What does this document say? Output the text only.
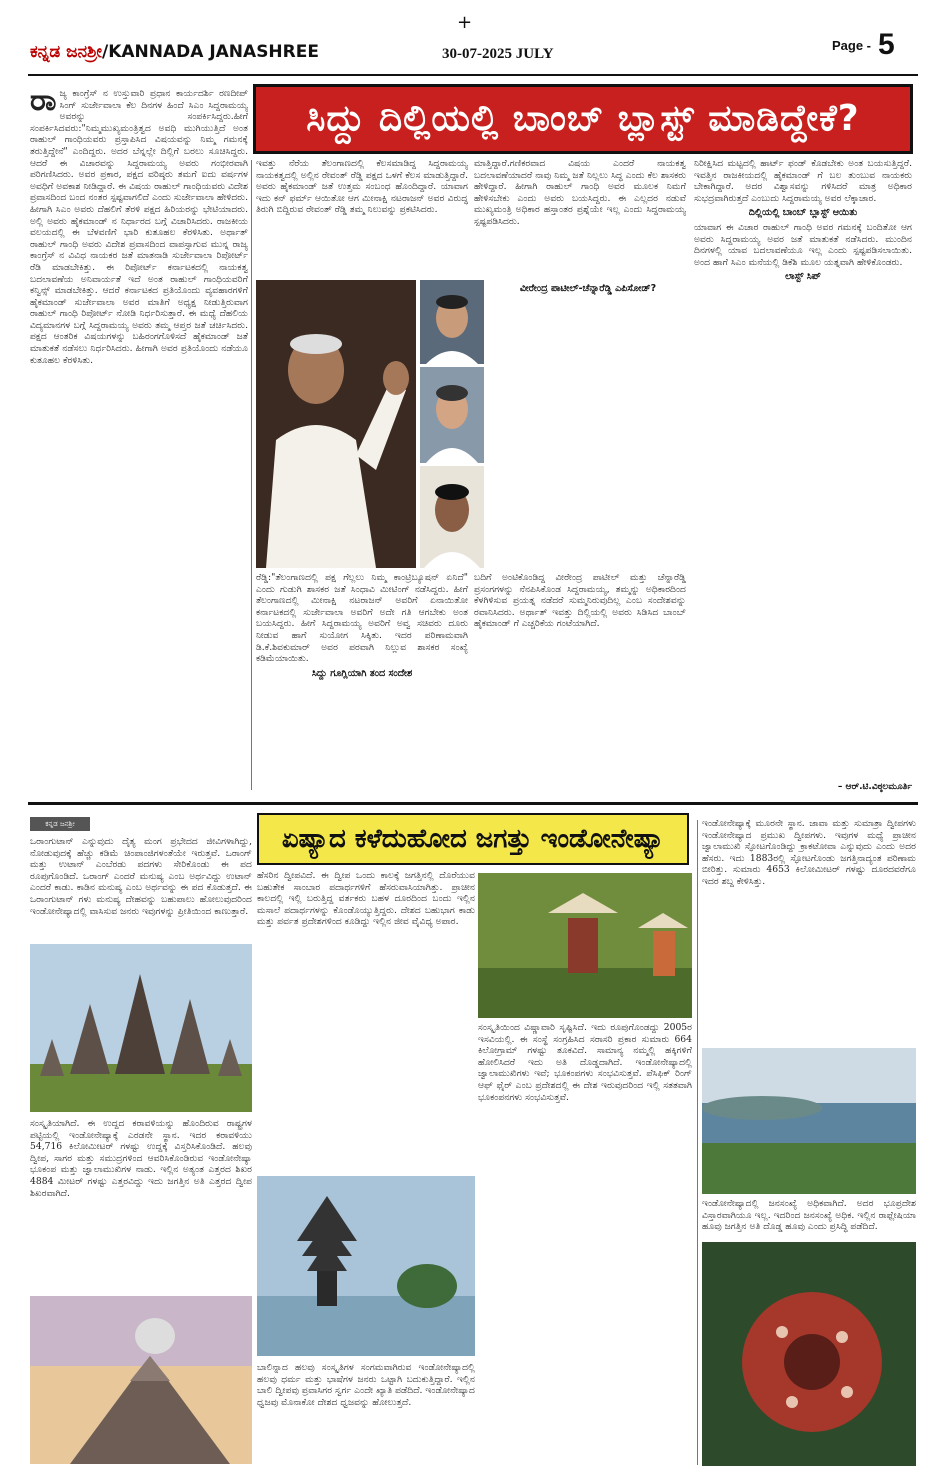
+
ಕನ್ನಡ ಜನಶ್ರೀ/KANNADA JANASHREE	30-07-2025 JULY
Page - 5
ಸಿದ್ದು ದಿಲ್ಲಿಯಲ್ಲಿ ಬಾಂಬ್ ಬ್ಲಾಸ್ಟ್ ಮಾಡಿದ್ದೇಕೆ?
ರಾ ಜ್ಯ ಕಾಂಗ್ರೆಸ್ ನ ಉಸ್ತುವಾರಿ ಪ್ರಧಾನ ಕಾರ್ಯದರ್ಶಿ ರಣದೀಪ್ ಸಿಂಗ್ ಸುರ್ಜೇವಾಲಾ ಕೆಲ ದಿನಗಳ ಹಿಂದೆ ಸಿಎಂ ಸಿದ್ದರಾಮಯ್ಯ ಅವರನ್ನು ಸಂಪರ್ಕಿಸಿದ್ದರು.ಹೀಗೆ ಸಂಪರ್ಕಿಸಿದವರು:"ನಿಮ್ಮಮುಖ್ಯಮಂತ್ರಿತ್ವದ ಅವಧಿ ಮುಗಿಯುತ್ತಿದೆ ಅಂತ ರಾಹುಲ್ ಗಾಂಧಿಯವರು ಪ್ರಸ್ತಾಪಿಸಿದ ವಿಷಯವನ್ನು ನಿಮ್ಮ ಗಮನಕ್ಕೆ ತರುತ್ತಿದ್ದೇನೆ" ಎಂದಿದ್ದರು. ಅದರ ಬೆನ್ನಲ್ಲೇ ದಿಲ್ಲಿಗೆ ಬರಲು ಸೂಚಿಸಿದ್ದರು. ಆದರೆ ಈ ವಿಚಾರವನ್ನು ಸಿದ್ದರಾಮಯ್ಯ ಅವರು ಗಂಭೀರವಾಗಿ ಪರಿಗಣಿಸಿದರು. ಅವರ ಪ್ರಕಾರ, ಪಕ್ಷದ ವರಿಷ್ಠರು ತಮಗೆ ಐದು ವರ್ಷಗಳ ಅವಧಿಗೆ ಅವಕಾಶ ನೀಡಿದ್ದಾರೆ. ಈ ವಿಷಯ ರಾಹುಲ್ ಗಾಂಧಿಯವರು ವಿದೇಶ ಪ್ರವಾಸದಿಂದ ಬಂದ ನಂತರ ಸ್ಪಷ್ಟವಾಗಲಿದೆ ಎಂದು ಸುರ್ಜೇವಾಲಾ ಹೇಳಿದರು. ಹೀಗಾಗಿ ಸಿಎಂ ಅವರು ದೆಹಲಿಗೆ ತೆರಳಿ ಪಕ್ಷದ ಹಿರಿಯರನ್ನು ಭೇಟಿಯಾದರು. ಅಲ್ಲಿ ಅವರು ಹೈಕಮಾಂಡ್ ನ ನಿರ್ಧಾರದ ಬಗ್ಗೆ ವಿಚಾರಿಸಿದರು. ರಾಜಕೀಯ ವಲಯದಲ್ಲಿ ಈ ಬೆಳವಣಿಗೆ ಭಾರಿ ಕುತೂಹಲ ಕೆರಳಿಸಿತು. ಅರ್ಥಾತ್ ರಾಹುಲ್ ಗಾಂಧಿ ಅವರು ವಿದೇಶ ಪ್ರವಾಸದಿಂದ ವಾಪಸ್ಸಾಗುವ ಮುನ್ನ ರಾಜ್ಯ ಕಾಂಗ್ರೆಸ್ ನ ವಿವಿಧ ನಾಯಕರ ಜತೆ ಮಾತನಾಡಿ ಸುರ್ಜೇವಾಲಾ ರಿಪೋರ್ಟ್ ರೆಡಿ ಮಾಡಬೇಕಿತ್ತು. ಈ ರಿಪೋರ್ಟ್ ಕರ್ನಾಟಕದಲ್ಲಿ ನಾಯಕತ್ವ ಬದಲಾವಣೆಯ ಅನಿವಾರ್ಯತೆ ಇದೆ ಅಂತ ರಾಹುಲ್ ಗಾಂಧಿಯವರಿಗೆ ಕನ್ವಿನ್ಸ್ ಮಾಡಬೇಕಿತ್ತು. ಆದರೆ ಕರ್ನಾಟಕದ ಪ್ರತಿಯೊಂದು ವ್ಯವಹಾರಗಳಿಗೆ ಹೈಕಮಾಂಡ್ ಸುರ್ಜೇವಾಲಾ ಅವರ ಮಾತಿಗೆ ಅಧ್ಯಕ್ಷ ನೀಡುತ್ತಿರುವಾಗ ರಾಹುಲ್ ಗಾಂಧಿ ರಿಪೋರ್ಟ್ ನೋಡಿ ನಿರ್ಧರಿಸುತ್ತಾರೆ. ಈ ಮಧ್ಯೆ ದೆಹಲಿಯ ವಿದ್ಯಮಾನಗಳ ಬಗ್ಗೆ ಸಿದ್ದರಾಮಯ್ಯ ಅವರು ತಮ್ಮ ಆಪ್ತರ ಜತೆ ಚರ್ಚಿಸಿದರು. ಪಕ್ಷದ ಆಂತರಿಕ ವಿಷಯಗಳನ್ನು ಬಹಿರಂಗಗೊಳಿಸದೆ ಹೈಕಮಾಂಡ್ ಜತೆ ಮಾತುಕತೆ ನಡೆಸಲು ನಿರ್ಧರಿಸಿದರು. ಹೀಗಾಗಿ ಅವರ ಪ್ರತಿಯೊಂದು ನಡೆಯೂ ಕುತೂಹಲ ಕೆರಳಿಸಿತು.
ಇವತ್ತು ನೆರೆಯ ತೆಲಂಗಾಣದಲ್ಲಿ ಕೆಲಸಮಾಡಿದ್ದ ಸಿದ್ದರಾಮಯ್ಯ ನಾಯಕತ್ವದಲ್ಲಿ ಅಲ್ಲಿನ ರೇವಂತ್ ರೆಡ್ಡಿ ಪಕ್ಷದ ಒಳಗೆ ಕೆಲಸ ಮಾಡುತ್ತಿದ್ದಾರೆ. ಅವರು ಹೈಕಮಾಂಡ್ ಜತೆ ಉತ್ತಮ ಸಂಬಂಧ ಹೊಂದಿದ್ದಾರೆ. ಯಾವಾಗ ಇದು ಕನ್ ಫರ್ಮ್ ಆಯಿತೋ ಆಗ ಮೀನಾಕ್ಷಿ ನಟರಾಜನ್ ಅವರ ವಿರುದ್ಧ ತಿರುಗಿ ಬಿದ್ದಿರುವ ರೇವಂತ್ ರೆಡ್ಡಿ ತಮ್ಮ ನಿಲುವನ್ನು ಪ್ರಕಟಿಸಿದರು.
ಮಾತ್ತಿದ್ದಾರೆ.ಗಣಿಕರವಾದ ವಿಷಯ ಎಂದರೆ ನಾಯಕತ್ವ ಬದಲಾವಣೆಯಾದರೆ ನಾವು ನಿಮ್ಮ ಜತೆ ನಿಲ್ಲಲು ಸಿದ್ಧ ಎಂದು ಕೆಲ ಶಾಸಕರು ಹೇಳಿದ್ದಾರೆ. ಹೀಗಾಗಿ ರಾಹುಲ್ ಗಾಂಧಿ ಅವರ ಮೂಲಕ ನಿಮಗೆ ಹೇಳಿಸಬೇಕು ಎಂದು ಅವರು ಬಯಸಿದ್ದರು. ಈ ಎಲ್ಲದರ ನಡುವೆ ಮುಖ್ಯಮಂತ್ರಿ ಅಧಿಕಾರ ಹಸ್ತಾಂತರ ಪ್ರಶ್ನೆಯೇ ಇಲ್ಲ ಎಂದು ಸಿದ್ದರಾಮಯ್ಯ ಸ್ಪಷ್ಟಪಡಿಸಿದರು.
ನಿರೀಕ್ಷಿಸಿದ ಮಟ್ಟದಲ್ಲಿ ಹಾರ್ಟ್ ಫಂಡ್ ಕೊಡಬೇಕು ಅಂತ ಬಯಸುತ್ತಿದ್ದರೆ. ಇವತ್ತಿನ ರಾಜಕೀಯದಲ್ಲಿ ಹೈಕಮಾಂಡ್ ಗೆ ಬಲ ತುಂಬುವ ನಾಯಕರು ಬೇಕಾಗಿದ್ದಾರೆ. ಅದರ ವಿಶ್ವಾಸವನ್ನು ಗಳಿಸಿದರೆ ಮಾತ್ರ ಅಧಿಕಾರ ಸುಭದ್ರವಾಗಿರುತ್ತದೆ ಎಂಬುದು ಸಿದ್ದರಾಮಯ್ಯ ಅವರ ಲೆಕ್ಕಾಚಾರ.
ದಿಲ್ಲಿಯಲ್ಲಿ ಬಾಂಬ್ ಬ್ಲಾಸ್ಟ್ ಆಯಿತು
ಯಾವಾಗ ಈ ವಿಚಾರ ರಾಹುಲ್ ಗಾಂಧಿ ಅವರ ಗಮನಕ್ಕೆ ಬಂದಿತೋ ಆಗ ಅವರು ಸಿದ್ದರಾಮಯ್ಯ ಅವರ ಜತೆ ಮಾತುಕತೆ ನಡೆಸಿದರು. ಮುಂದಿನ ದಿನಗಳಲ್ಲಿ ಯಾವ ಬದಲಾವಣೆಯೂ ಇಲ್ಲ ಎಂದು ಸ್ಪಷ್ಟಪಡಿಸಲಾಯಿತು. ಅಂದ ಹಾಗೆ ಸಿಎಂ ಮನೆಯಲ್ಲಿ ಡಿಕೆಶಿ ಮೂಲ ಯತ್ನವಾಗಿ ಹೇಳಿಕೊಂಡರು.
ಲಾಸ್ಟ್ ಸಿಪ್
ರೆಡ್ಡಿ:"ತೆಲಂಗಾಣದಲ್ಲಿ ಪಕ್ಷ ಗೆಲ್ಲಲು ನಿಮ್ಮ ಕಾಂಟ್ರಿಬ್ಯೂಷನ್ ಏನಿದೆ" ಎಂದು ಗುಡುಗಿ ಶಾಸಕರ ಜತೆ ಸಿಂಧಾವಿ ಮೀಟಿಂಗ್ ನಡೆಸಿದ್ದರು. ಹೀಗೆ ತೆಲಂಗಾಣದಲ್ಲಿ ಮೀನಾಕ್ಷಿ ನಟರಾಜನ್ ಅವರಿಗೆ ಏನಾಯಿತೋ ಕರ್ನಾಟಕದಲ್ಲಿ ಸುರ್ಜೇವಾಲಾ ಅವರಿಗೆ ಅದೇ ಗತಿ ಆಗಬೇಕು ಅಂತ ಬಯಸಿದ್ದರು. ಹೀಗೆ ಸಿದ್ದರಾಮಯ್ಯ ಅವರಿಗೆ ಅವ್ವ ಸಚಿವರು ದೂರು ನೀಡುವ ಹಾಗೆ ಸುಯೋಗ ಸಿಕ್ಕಿತು. ಇದರ ಪರಿಣಾಮವಾಗಿ ಡಿ.ಕೆ.ಶಿವಕುಮಾರ್ ಅವರ ಪರವಾಗಿ ನಿಲ್ಲುವ ಶಾಸಕರ ಸಂಖ್ಯೆ ಕಡಿಮೆಯಾಯಿತು.
ಸಿದ್ದು ಗೂಗ್ಲಿಯಾಗಿ ತಂದ ಸಂದೇಶ
ವೀರೇಂದ್ರ ಪಾಟೀಲ್-ಚೆನ್ನಾರೆಡ್ಡಿ ಎಪಿಸೋಡ್?
ಬದಿಗೆ ಅಂಟಿಕೊಂಡಿದ್ದ ವೀರೇಂದ್ರ ಪಾಟೀಲ್ ಮತ್ತು ಚೆನ್ನಾರೆಡ್ಡಿ ಪ್ರಸಂಗಗಳನ್ನು ನೆನಪಿಸಿಕೊಂಡ ಸಿದ್ದರಾಮಯ್ಯ, ತಮ್ಮನ್ನು ಅಧಿಕಾರದಿಂದ ಕೆಳಗಿಳಿಸುವ ಪ್ರಯತ್ನ ನಡೆದರೆ ಸುಮ್ಮನಿರುವುದಿಲ್ಲ ಎಂಬ ಸಂದೇಶವನ್ನು ರವಾನಿಸಿದರು. ಅರ್ಥಾತ್ ಇವತ್ತು ದಿಲ್ಲಿಯಲ್ಲಿ ಅವರು ಸಿಡಿಸಿದ ಬಾಂಬ್ ಹೈಕಮಾಂಡ್ ಗೆ ಎಚ್ಚರಿಕೆಯ ಗಂಟೆಯಾಗಿದೆ.
– ಆರ್.ಟಿ.ವಿಠ್ಠಲಮೂರ್ತಿ
ಕನ್ನಡ ಜನಶ್ರೀ	ಏಷ್ಯಾದ ಕಳೆದುಹೋದ ಜಗತ್ತು ಇಂಡೋನೇಷ್ಯಾ
ಒರಾಂಗುಟಾನ್ ಎನ್ನುವುದು ದೈತ್ಯ ಮಂಗ ಪ್ರಭೇದದ ಜೀವಿಗಳಾಗಿದ್ದು, ನೋಡುವುದಕ್ಕೆ ಹೆಚ್ಚು ಕಡಿಮೆ ಚಿಂಪಾಂಜಿಗಳಂತೆಯೇ ಇರುತ್ತವೆ. ಒರಾಂಗ್ ಮತ್ತು ಉಟಾನ್ ಎಂಬೆರಡು ಪದಗಳು ಸೇರಿಕೊಂಡು ಈ ಪದ ರೂಪುಗೊಂಡಿದೆ. ಒರಾಂಗ್ ಎಂದರೆ ಮನುಷ್ಯ ಎಂಬ ಅರ್ಥವಿದ್ದು ಉಟಾನ್ ಎಂದರೆ ಕಾಡು. ಕಾಡಿನ ಮನುಷ್ಯ ಎಂಬ ಅರ್ಥವನ್ನು ಈ ಪದ ಕೊಡುತ್ತದೆ. ಈ ಒರಾಂಗುಟಾನ್ ಗಳು ಮನುಷ್ಯ ದೇಹವನ್ನು ಬಹುಪಾಲು ಹೋಲುವುದರಿಂದ ಇಂಡೋನೇಷ್ಯಾದಲ್ಲಿ ವಾಸಿಸುವ ಜನರು ಇವುಗಳನ್ನು ಪ್ರೀತಿಯಿಂದ ಕಾಣುತ್ತಾರೆ.
ಸಂಸ್ಕೃತಿಯಾಗಿದೆ. ಈ ಉದ್ದದ ಕರಾವಳಿಯನ್ನು ಹೊಂದಿರುವ ರಾಷ್ಟ್ರಗಳ ಪಟ್ಟಿಯಲ್ಲಿ ಇಂಡೋನೇಷ್ಯಾಕ್ಕೆ ಎರಡನೇ ಸ್ಥಾನ. ಇದರ ಕರಾವಳಿಯು 54,716 ಕಿಲೋಮೀಟರ್ ಗಳಷ್ಟು ಉದ್ದಕ್ಕೆ ವಿಸ್ತರಿಸಿಕೊಂಡಿದೆ. ಹಲವು ದ್ವೀಪ, ಸಾಗರ ಮತ್ತು ಸಮುದ್ರಗಳಿಂದ ಆವರಿಸಿಕೊಂಡಿರುವ ಇಂಡೋನೇಷ್ಯಾ ಭೂಕಂಪ ಮತ್ತು ಜ್ವಾಲಾಮುಖಿಗಳ ನಾಡು. ಇಲ್ಲಿನ ಅತ್ಯಂತ ಎತ್ತರದ ಶಿಖರ 4884 ಮೀಟರ್ ಗಳಷ್ಟು ಎತ್ತರವಿದ್ದು ಇದು ಜಗತ್ತಿನ ಅತಿ ಎತ್ತರದ ದ್ವೀಪ ಶಿಖರವಾಗಿದೆ.
ಹೆಸರಿನ ದ್ವೀಪವಿದೆ. ಈ ದ್ವೀಪ ಒಂದು ಕಾಲಕ್ಕೆ ಜಗತ್ತಿನಲ್ಲಿ ದೊರೆಯುವ ಬಹುತೇಕ ಸಾಂಬಾರ ಪದಾರ್ಥಗಳಿಗೆ ಹೆಸರುವಾಸಿಯಾಗಿತ್ತು. ಪ್ರಾಚೀನ ಕಾಲದಲ್ಲಿ ಇಲ್ಲಿ ಬರುತ್ತಿದ್ದ ವರ್ತಕರು ಬಹಳ ದೂರದಿಂದ ಬಂದು ಇಲ್ಲಿನ ಮಸಾಲೆ ಪದಾರ್ಥಗಳನ್ನು ಕೊಂಡೊಯ್ಯುತ್ತಿದ್ದರು. ದೇಶದ ಬಹುಭಾಗ ಕಾಡು ಮತ್ತು ಪರ್ವತ ಪ್ರದೇಶಗಳಿಂದ ಕೂಡಿದ್ದು ಇಲ್ಲಿನ ಜೀವ ವೈವಿಧ್ಯ ಅಪಾರ.
ಬಾಲಿನ್ನಾದ ಹಲವು ಸಂಸ್ಕೃತಿಗಳ ಸಂಗಮವಾಗಿರುವ ಇಂಡೋನೇಷ್ಯಾದಲ್ಲಿ ಹಲವು ಧರ್ಮ ಮತ್ತು ಭಾಷೆಗಳ ಜನರು ಒಟ್ಟಾಗಿ ಬದುಕುತ್ತಿದ್ದಾರೆ. ಇಲ್ಲಿನ ಬಾಲಿ ದ್ವೀಪವು ಪ್ರವಾಸಿಗರ ಸ್ವರ್ಗ ಎಂದೇ ಖ್ಯಾತಿ ಪಡೆದಿದೆ. ಇಂಡೋನೇಷ್ಯಾದ ಧ್ವಜವು ಮೊನಾಕೋ ದೇಶದ ಧ್ವಜವನ್ನು ಹೋಲುತ್ತದೆ.
ಸಂಸ್ಕೃತಿಯಿಂದ ವಿಷ್ಣಾವಾರಿ ಸೃಷ್ಟಿಸಿದೆ. ಇದು ರೂಪುಗೊಂಡದ್ದು 2005ರ ಇಸವಿಯಲ್ಲಿ. ಈ ಸಂಸ್ಥೆ ಸಂಗ್ರಹಿಸಿದ ಸರಾಸರಿ ಪ್ರಕಾರ ಸುಮಾರು 664 ಕಿಲೋಗ್ರಾಮ್ ಗಳಷ್ಟು ತೂಕವಿದೆ. ಸಾಮಾನ್ಯ ನಮ್ಮಲ್ಲಿ ಹಕ್ಕಿಗಳಿಗೆ ಹೋಲಿಸಿದರೆ ಇದು ಅತಿ ದೊಡ್ಡದಾಗಿದೆ. ಇಂಡೋನೇಷ್ಯಾದಲ್ಲಿ ಜ್ವಾಲಾಮುಖಿಗಳು ಇವೆ; ಭೂಕಂಪಗಳು ಸಂಭವಿಸುತ್ತವೆ. ಪೆಸಿಫಿಕ್ ರಿಂಗ್ ಆಫ್ ಫೈರ್ ಎಂಬ ಪ್ರದೇಶದಲ್ಲಿ ಈ ದೇಶ ಇರುವುದರಿಂದ ಇಲ್ಲಿ ಸತತವಾಗಿ ಭೂಕಂಪನಗಳು ಸಂಭವಿಸುತ್ತವೆ.
ಇಂಡೋನೇಷ್ಯಾಕ್ಕೆ ಮೂರನೇ ಸ್ಥಾನ. ಜಾವಾ ಮತ್ತು ಸುಮಾತ್ರಾ ದ್ವೀಪಗಳು ಇಂಡೋನೇಷ್ಯಾದ ಪ್ರಮುಖ ದ್ವೀಪಗಳು. ಇವುಗಳ ಮಧ್ಯೆ ಪ್ರಾಚೀನ ಜ್ವಾಲಾಮುಖಿ ಸ್ಫೋಟಗೊಂಡಿದ್ದು ಕ್ರಾಕಟೋವಾ ಎನ್ನುವುದು ಎಂದು ಅದರ ಹೆಸರು. ಇದು 1883ರಲ್ಲಿ ಸ್ಫೋಟಗೊಂಡು ಜಗತ್ತಿನಾದ್ಯಂತ ಪರಿಣಾಮ ಬೀರಿತ್ತು. ಸುಮಾರು 4653 ಕಿಲೋಮೀಟರ್ ಗಳಷ್ಟು ದೂರದವರೆಗೂ ಇದರ ಶಬ್ದ ಕೇಳಿಸಿತ್ತು.
ಇಂಡೋನೇಷ್ಯಾದಲ್ಲಿ ಜನಸಂಖ್ಯೆ ಅಧಿಕವಾಗಿದೆ. ಅದರ ಭೂಪ್ರದೇಶ ವಿಸ್ತಾರವಾಗಿಯೂ ಇಲ್ಲ. ಇದರಿಂದ ಜನಸಂಖ್ಯೆ ಅಧಿಕ. ಇಲ್ಲಿನ ರಾಫ್ಲೇಷಿಯಾ ಹೂವು ಜಗತ್ತಿನ ಅತಿ ದೊಡ್ಡ ಹೂವು ಎಂದು ಪ್ರಸಿದ್ಧಿ ಪಡೆದಿದೆ.
